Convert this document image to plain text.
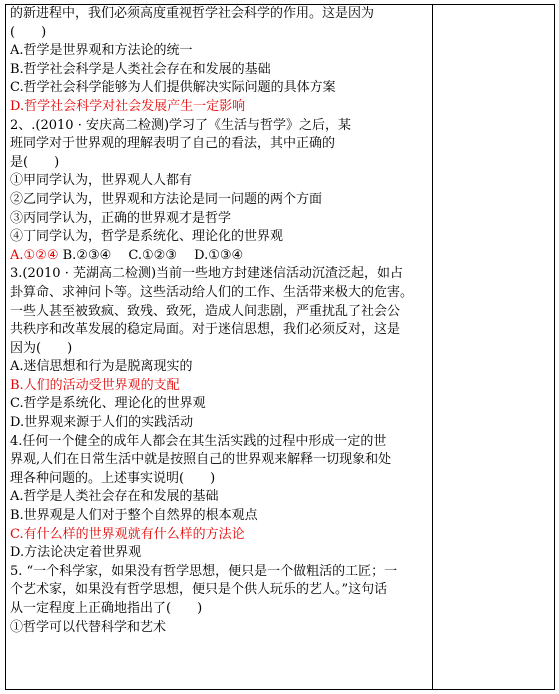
的新进程中，我们必须高度重视哲学社会科学的作用。这是因为
(　　)
A.哲学是世界观和方法论的统一
B.哲学社会科学是人类社会存在和发展的基础
C.哲学社会科学能够为人们提供解决实际问题的具体方案
D.哲学社会科学对社会发展产生一定影响
2、.(2010 · 安庆高二检测)学习了《生活与哲学》之后，某
班同学对于世界观的理解表明了自己的看法，其中正确的
是(　　)
①甲同学认为，世界观人人都有
②乙同学认为，世界观和方法论是同一问题的两个方面
③丙同学认为，正确的世界观才是哲学
④丁同学认为，哲学是系统化、理论化的世界观
A.①②④ B.②③④　 C.①②③　 D.①③④
3.(2010 · 芜湖高二检测)当前一些地方封建迷信活动沉渣泛起，如占
卦算命、求神问卜等。这些活动给人们的工作、生活带来极大的危害。
一些人甚至被致疯、致残、致死，造成人间悲剧，严重扰乱了社会公
共秩序和改革发展的稳定局面。对于迷信思想，我们必须反对，这是
因为(　　)
A.迷信思想和行为是脱离现实的
B.人们的活动受世界观的支配
C.哲学是系统化、理论化的世界观
D.世界观来源于人们的实践活动
4.任何一个健全的成年人都会在其生活实践的过程中形成一定的世
界观,人们在日常生活中就是按照自己的世界观来解释一切现象和处
理各种问题的。上述事实说明(　　)
A.哲学是人类社会存在和发展的基础
B.世界观是人们对于整个自然界的根本观点
C.有什么样的世界观就有什么样的方法论
D.方法论决定着世界观
5. “一个科学家，如果没有哲学思想，便只是一个做粗活的工匠；一
个艺术家，如果没有哲学思想，便只是个供人玩乐的艺人。”这句话
从一定程度上正确地指出了(　　)
①哲学可以代替科学和艺术
